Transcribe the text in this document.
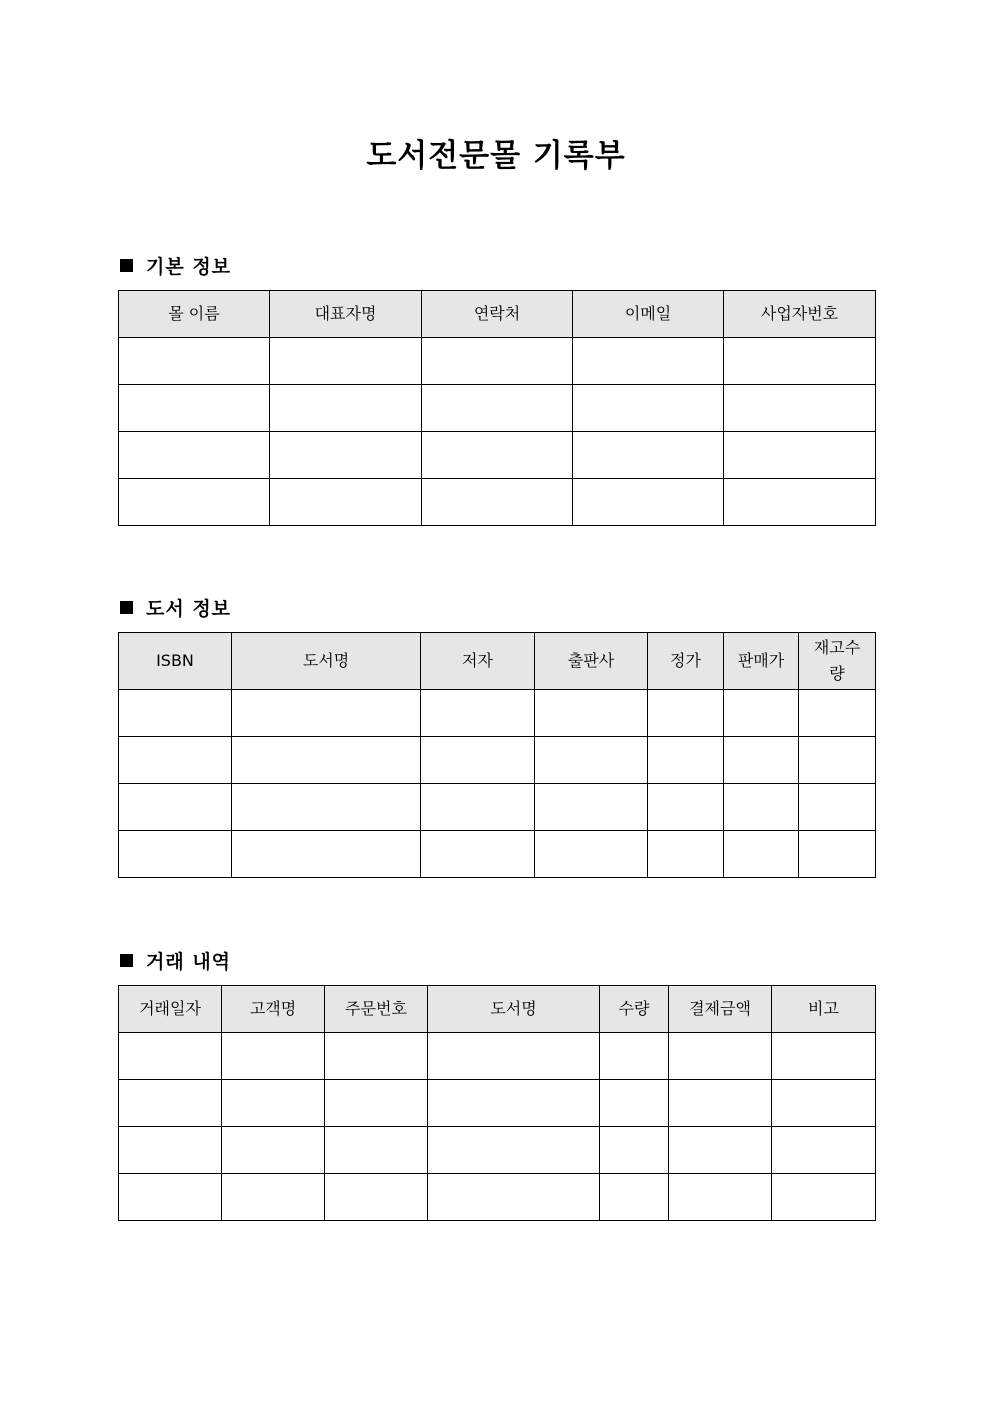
도서전문몰 기록부
기본 정보
몰 이름	대표자명	연락처	이메일	사업자번호

도서 정보
ISBN	도서명	저자	출판사	정가	판매가	재고수량

거래 내역
거래일자	고객명	주문번호	도서명	수량	결제금액	비고
